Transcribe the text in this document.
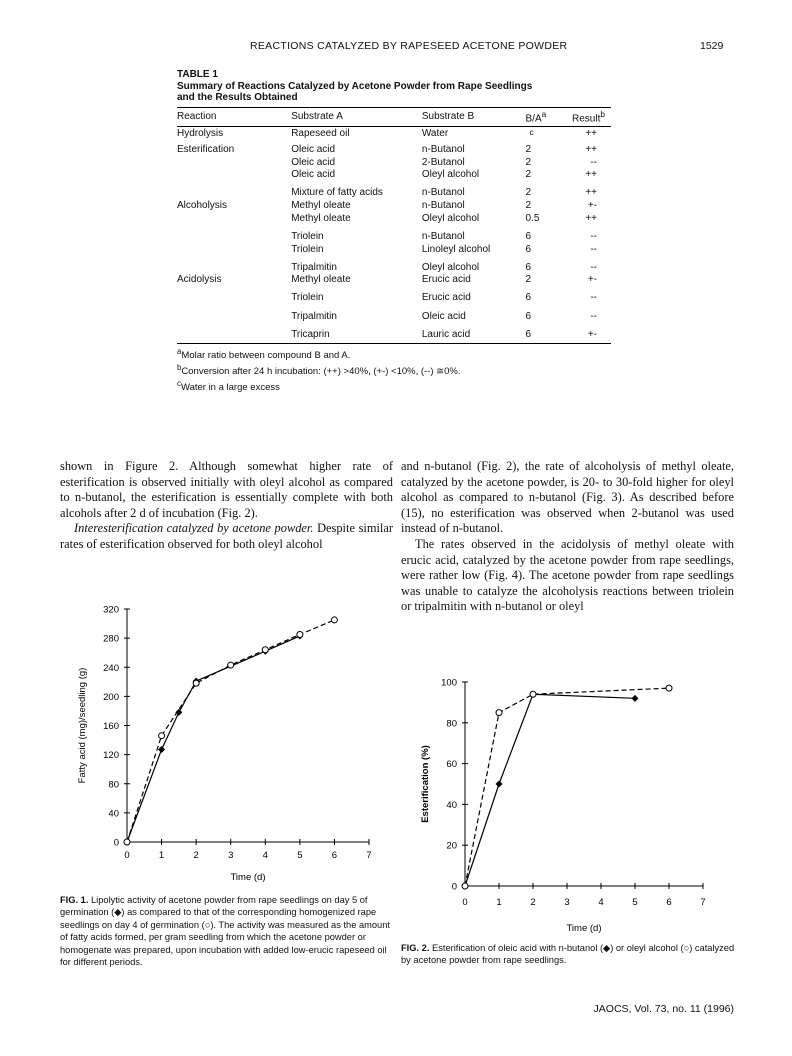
REACTIONS CATALYZED BY RAPESEED ACETONE POWDER	1529
TABLE 1
Summary of Reactions Catalyzed by Acetone Powder from Rape Seedlings
and the Results Obtained
Reaction	Substrate A	Substrate B	$B/A^a$	Result$^b$
Hydrolysis	Rapeseed oil	Water	$^c$	++
Esterification	Oleic acid	n-Butanol	2	++
	Oleic acid	2-Butanol	2	--
	Oleic acid	Oleyl alcohol	2	++
	Mixture of fatty acids	n-Butanol	2	++
Alcoholysis	Methyl oleate	n-Butanol	2	+-
	Methyl oleate	Oleyl alcohol	0.5	++
	Triolein	n-Butanol	6	--
	Triolein	Linoleyl alcohol	6	--
	Tripalmitin	Oleyl alcohol	6	--
Acidolysis	Methyl oleate	Erucic acid	2	+-
	Triolein	Erucic acid	6	--
	Tripalmitin	Oleic acid	6	--
	Tricaprin	Lauric acid	6	+-
$^a$Molar ratio between compound B and A.
$^b$Conversion after 24 h incubation: (++) >40%, (+-) <10%, (--) ≅0%.
$^c$Water in a large excess

shown in Figure 2. Although somewhat higher rate of esterification is observed initially with oleyl alcohol as compared to n-butanol, the esterification is essentially complete with both alcohols after 2 d of incubation (Fig. 2).

Interesterification catalyzed by acetone powder. Despite similar rates of esterification observed for both oleyl alcohol

and n-butanol (Fig. 2), the rate of alcoholysis of methyl oleate, catalyzed by the acetone powder, is 20- to 30-fold higher for oleyl alcohol as compared to n-butanol (Fig. 3). As described before (15), no esterification was observed when 2-butanol was used instead of n-butanol.

The rates observed in the acidolysis of methyl oleate with erucic acid, catalyzed by the acetone powder from rape seedlings, were rather low (Fig. 4). The acetone powder from rape seedlings was unable to catalyze the alcoholysis reactions between triolein or tripalmitin with n-butanol or oleyl

0	1	2	3	4	5	6	7
0
40
80
120
160
200
240
280
320
Time (d)
Fatty acid (mg)/seedling (g)
0	1	2	3	4	5	6	7
0
20
40
60
80
100
Time (d)
Esterification (%)
FIG. 1. Lipolytic activity of acetone powder from rape seedlings on day 5 of germination (◆) as compared to that of the corresponding homogenized rape seedlings on day 4 of germination (○). The activity was measured as the amount of fatty acids formed, per gram seedling from which the acetone powder or homogenate was prepared, upon incubation with added low-erucic rapeseed oil for different periods.
FIG. 2. Esterification of oleic acid with n-butanol (◆) or oleyl alcohol (○) catalyzed by acetone powder from rape seedlings.
JAOCS, Vol. 73, no. 11 (1996)
